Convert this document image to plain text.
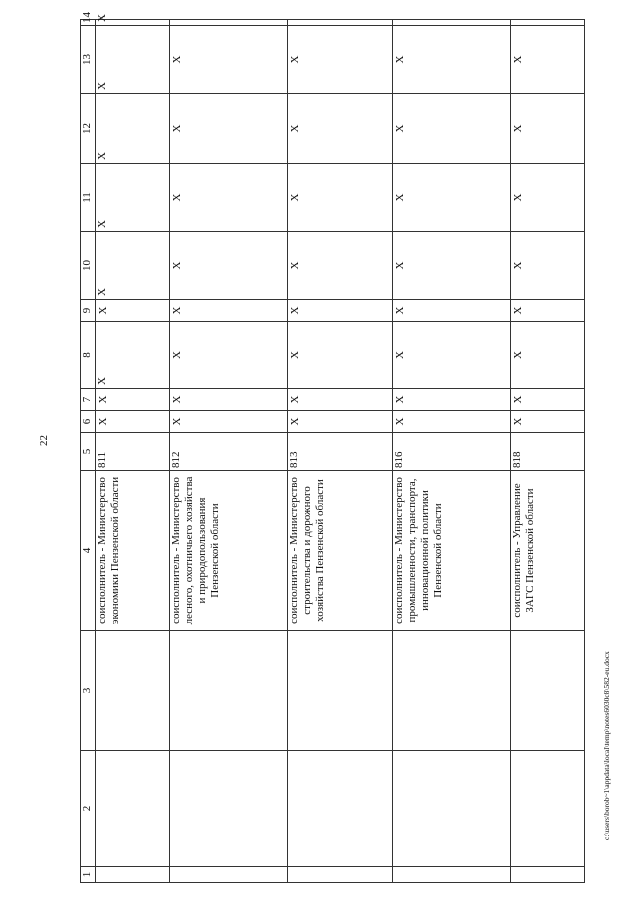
22
1	2	3	4	5	6	7	8	9	10	11	12	13	14
			соисполнитель - Министерство экономики Пензенской области	811	X	X	X	X	X	X	X	X	X
			соисполнитель - Министерство лесного, охотничьего хозяйства и природопользования Пензенской области	812	X	X	X	X	X	X	X	X	
			соисполнитель - Министерство строительства и дорожного хозяйства Пензенской области	813	X	X	X	X	X	X	X	X	
			соисполнитель - Министерство промышленности, транспорта, инновационной политики Пензенской области	816	X	X	X	X	X	X	X	X	
			соисполнитель - Управление ЗАГС Пензенской области	818	X	X	X	X	X	X	X	X	
c:\users\borob~1\appdata\local\temp\notes6030c8\582-eu.docx
